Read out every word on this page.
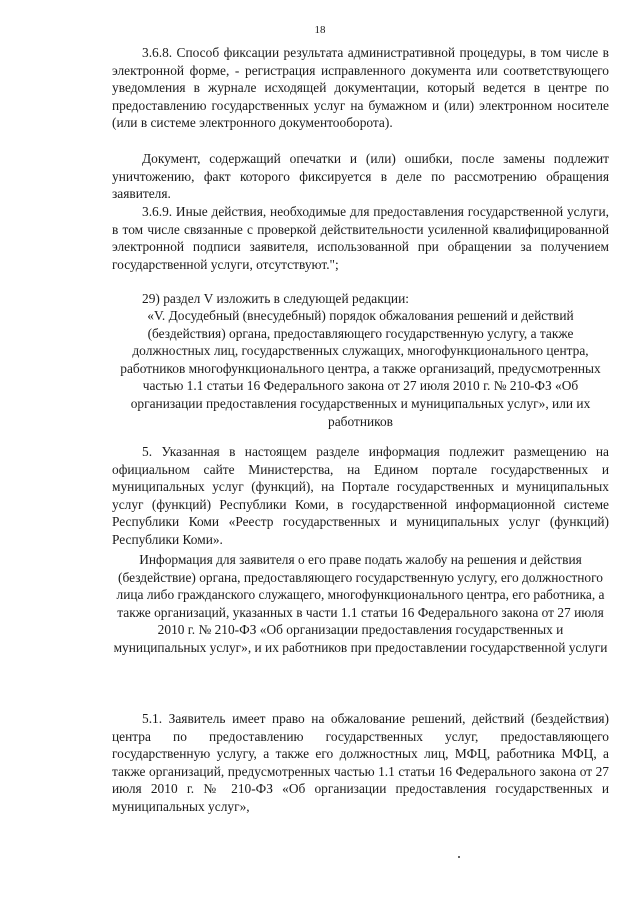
18

3.6.8. Способ фиксации результата административной процедуры, в том числе в электронной форме, - регистрация исправленного документа или соответствующего уведомления в журнале исходящей документации, который ведется в центре по предоставлению государственных услуг на бумажном и (или) электронном носителе (или в системе электронного документооборота).

Документ, содержащий опечатки и (или) ошибки, после замены подлежит уничтожению, факт которого фиксируется в деле по рассмотрению обращения заявителя.

3.6.9. Иные действия, необходимые для предоставления государственной услуги, в том числе связанные с проверкой действительности усиленной квалифицированной электронной подписи заявителя, использованной при обращении за получением государственной услуги, отсутствуют.";

29) раздел V изложить в следующей редакции:

«V. Досудебный (внесудебный) порядок обжалования решений и действий (бездействия) органа, предоставляющего государственную услугу, а также должностных лиц, государственных служащих, многофункционального центра, работников многофункционального центра, а также организаций, предусмотренных частью 1.1 статьи 16 Федерального закона от 27 июля 2010 г. № 210-ФЗ «Об организации предоставления государственных и муниципальных услуг», или их работников

5. Указанная в настоящем разделе информация подлежит размещению на официальном сайте Министерства, на Едином портале государственных и муниципальных услуг (функций), на Портале государственных и муниципальных услуг (функций) Республики Коми, в государственной информационной системе Республики Коми «Реестр государственных и муниципальных услуг (функций) Республики Коми».

Информация для заявителя о его праве подать жалобу на решения и действия (бездействие) органа, предоставляющего государственную услугу, его должностного лица либо гражданского служащего, многофункционального центра, его работника, а также организаций, указанных в части 1.1 статьи 16 Федерального закона от 27 июля 2010 г. № 210-ФЗ «Об организации предоставления государственных и муниципальных услуг», и их работников при предоставлении государственной услуги

5.1. Заявитель имеет право на обжалование решений, действий (бездействия) центра по предоставлению государственных услуг, предоставляющего государственную услугу, а также его должностных лиц, МФЦ, работника МФЦ, а также организаций, предусмотренных частью 1.1 статьи 16 Федерального закона от 27 июля 2010 г. № 210-ФЗ «Об организации предоставления государственных и муниципальных услуг»,
